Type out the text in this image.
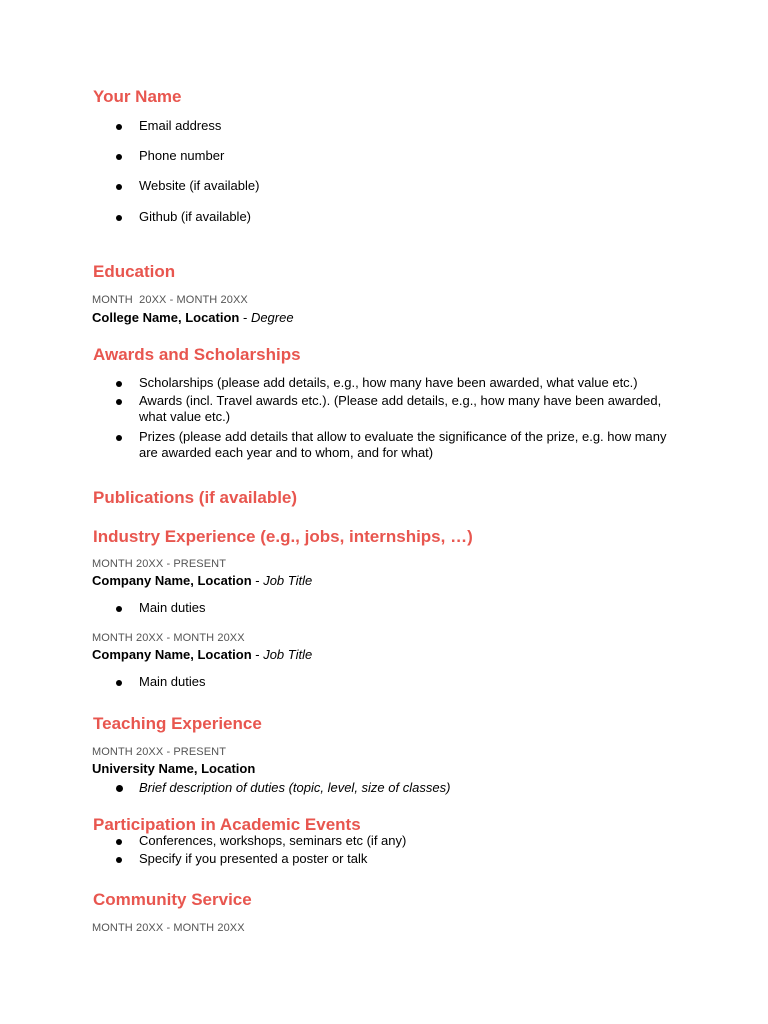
Your Name
Email address
Phone number
Website (if available)
Github (if available)
Education
MONTH  20XX - MONTH 20XX
College Name, Location - Degree
Awards and Scholarships
Scholarships (please add details, e.g., how many have been awarded, what value etc.)
Awards (incl. Travel awards etc.). (Please add details, e.g., how many have been awarded, what value etc.)
Prizes (please add details that allow to evaluate the significance of the prize, e.g. how many are awarded each year and to whom, and for what)
Publications (if available)
Industry Experience (e.g., jobs, internships, …)
MONTH 20XX - PRESENT
Company Name, Location - Job Title
Main duties
MONTH 20XX - MONTH 20XX
Company Name, Location - Job Title
Main duties
Teaching Experience
MONTH 20XX - PRESENT
University Name, Location
Brief description of duties (topic, level, size of classes)
Participation in Academic Events
Conferences, workshops, seminars etc (if any)
Specify if you presented a poster or talk
Community Service
MONTH 20XX - MONTH 20XX
